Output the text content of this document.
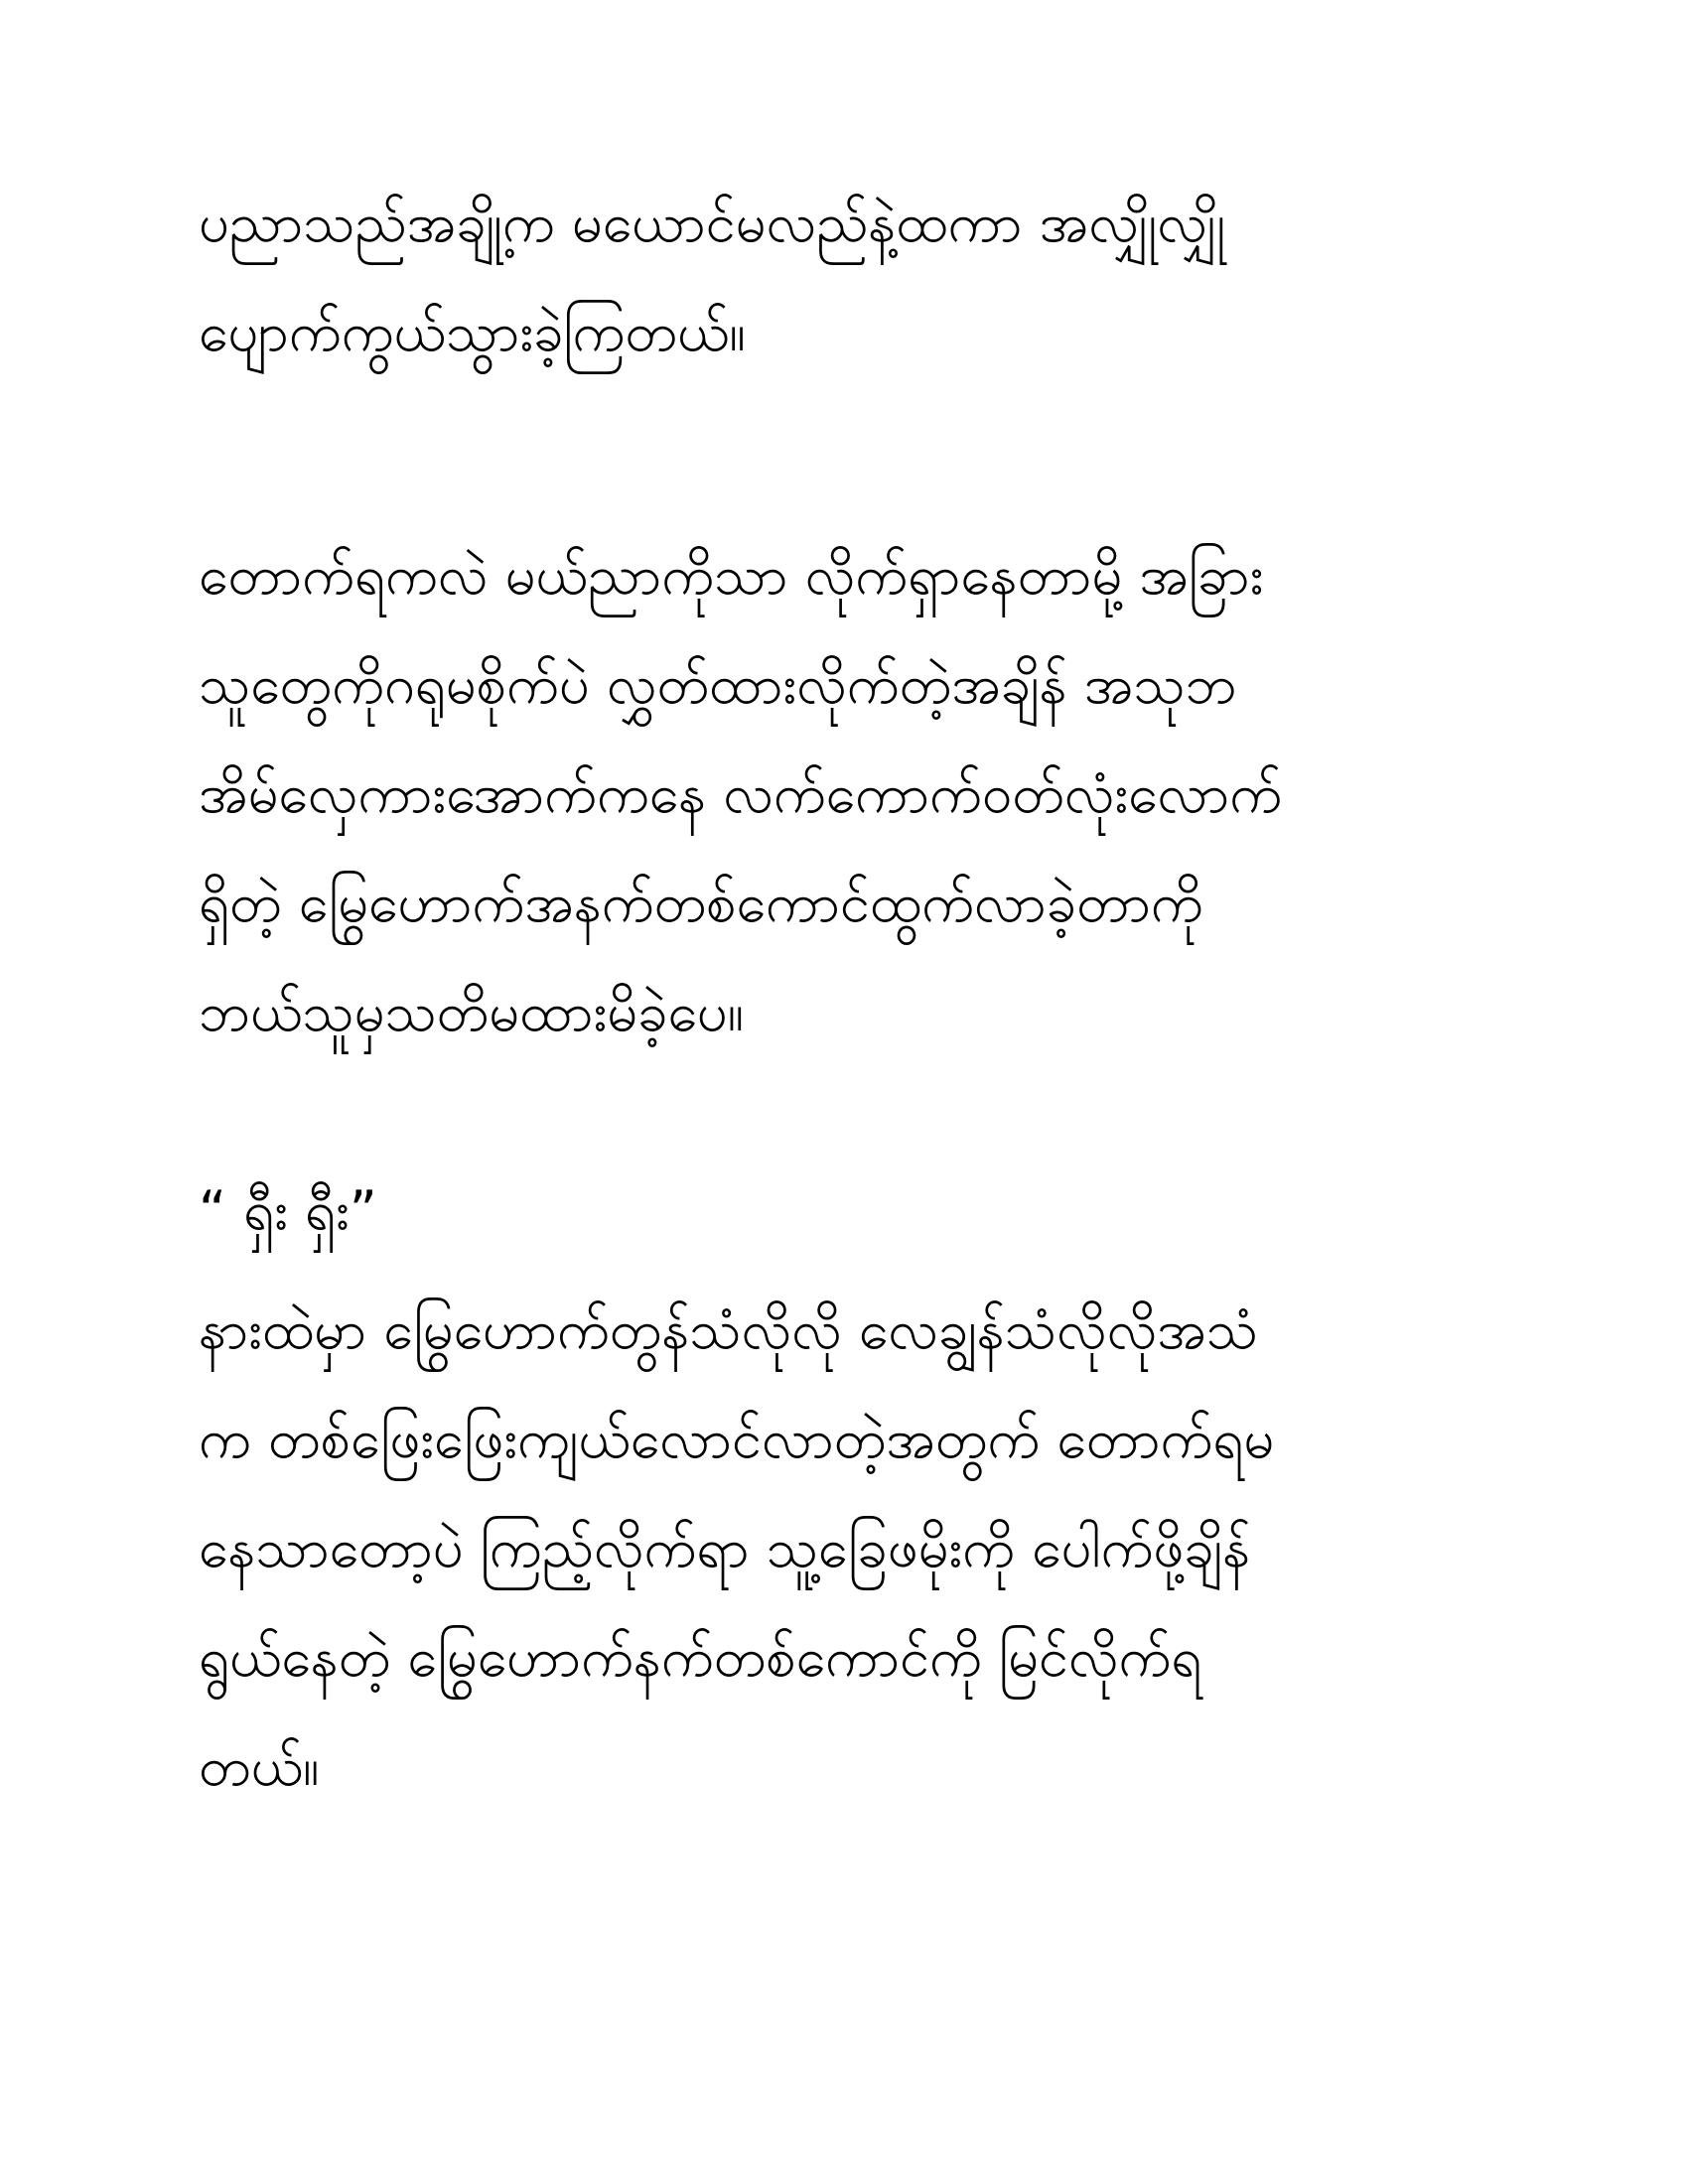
ပညာသည်အချို့က မယောင်မလည်နဲ့ထကာ အလျှိုလျှို

ပျောက်ကွယ်သွားခဲ့ကြတယ်။

တောက်ရကလဲ မယ်ညာကိုသာ လိုက်ရှာနေတာမို့ အခြား

သူတွေကိုဂရုမစိုက်ပဲ လွှတ်ထားလိုက်တဲ့အချိန် အသုဘ

အိမ်လှေကားအောက်ကနေ လက်ကောက်ဝတ်လုံးလောက်

ရှိတဲ့ မြွေဟောက်အနက်တစ်ကောင်ထွက်လာခဲ့တာကို

ဘယ်သူမှသတိမထားမိခဲ့ပေ။

“ ရှီး ရှီး”

နားထဲမှာ မြွေဟောက်တွန်သံလိုလို လေချွန်သံလိုလိုအသံ

က တစ်ဖြေးဖြေးကျယ်လောင်လာတဲ့အတွက် တောက်ရမ

နေသာတော့ပဲ ကြည့်လိုက်ရာ သူ့ခြေဖမိုးကို ပေါက်ဖို့ချိန်

ရွယ်နေတဲ့ မြွေဟောက်နက်တစ်ကောင်ကို မြင်လိုက်ရ

တယ်။
